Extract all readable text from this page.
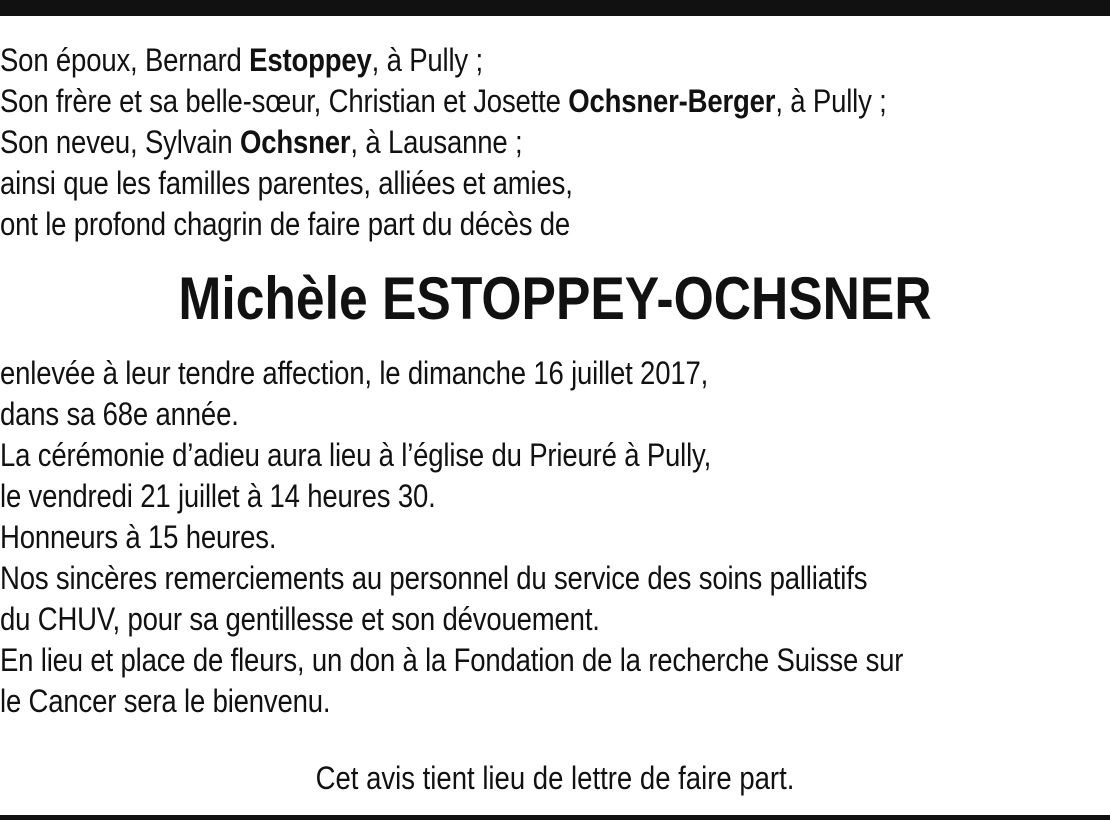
Son époux, Bernard Estoppey, à Pully ;
Son frère et sa belle-sœur, Christian et Josette Ochsner-Berger, à Pully ;
Son neveu, Sylvain Ochsner, à Lausanne ;
ainsi que les familles parentes, alliées et amies,
ont le profond chagrin de faire part du décès de
Michèle ESTOPPEY-OCHSNER
enlevée à leur tendre affection, le dimanche 16 juillet 2017,
dans sa 68e année.
La cérémonie d’adieu aura lieu à l’église du Prieuré à Pully,
le vendredi 21 juillet à 14 heures 30.
Honneurs à 15 heures.
Nos sincères remerciements au personnel du service des soins palliatifs
du CHUV, pour sa gentillesse et son dévouement.
En lieu et place de fleurs, un don à la Fondation de la recherche Suisse sur
le Cancer sera le bienvenu.
Cet avis tient lieu de lettre de faire part.
